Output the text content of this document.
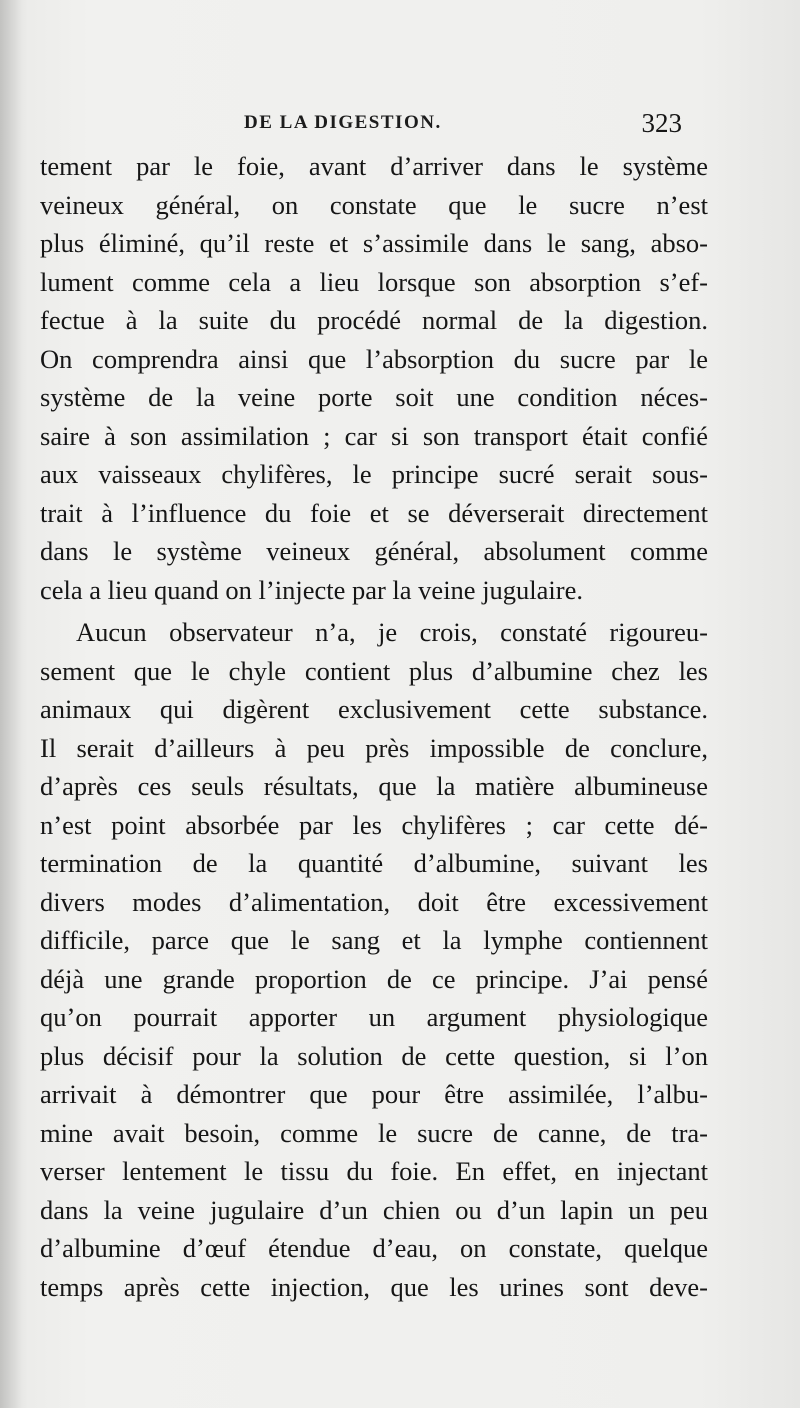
DE LA DIGESTION.	323
tement par le foie, avant d’arriver dans le système
veineux général, on constate que le sucre n’est
plus éliminé, qu’il reste et s’assimile dans le sang, abso-
lument comme cela a lieu lorsque son absorption s’ef-
fectue à la suite du procédé normal de la digestion.
On comprendra ainsi que l’absorption du sucre par le
système de la veine porte soit une condition néces-
saire à son assimilation ; car si son transport était confié
aux vaisseaux chylifères, le principe sucré serait sous-
trait à l’influence du foie et se déverserait directement
dans le système veineux général, absolument comme
cela a lieu quand on l’injecte par la veine jugulaire.
Aucun observateur n’a, je crois, constaté rigoureu-
sement que le chyle contient plus d’albumine chez les
animaux qui digèrent exclusivement cette substance.
Il serait d’ailleurs à peu près impossible de conclure,
d’après ces seuls résultats, que la matière albumineuse
n’est point absorbée par les chylifères ; car cette dé-
termination de la quantité d’albumine, suivant les
divers modes d’alimentation, doit être excessivement
difficile, parce que le sang et la lymphe contiennent
déjà une grande proportion de ce principe. J’ai pensé
qu’on pourrait apporter un argument physiologique
plus décisif pour la solution de cette question, si l’on
arrivait à démontrer que pour être assimilée, l’albu-
mine avait besoin, comme le sucre de canne, de tra-
verser lentement le tissu du foie. En effet, en injectant
dans la veine jugulaire d’un chien ou d’un lapin un peu
d’albumine d’œuf étendue d’eau, on constate, quelque
temps après cette injection, que les urines sont deve-
